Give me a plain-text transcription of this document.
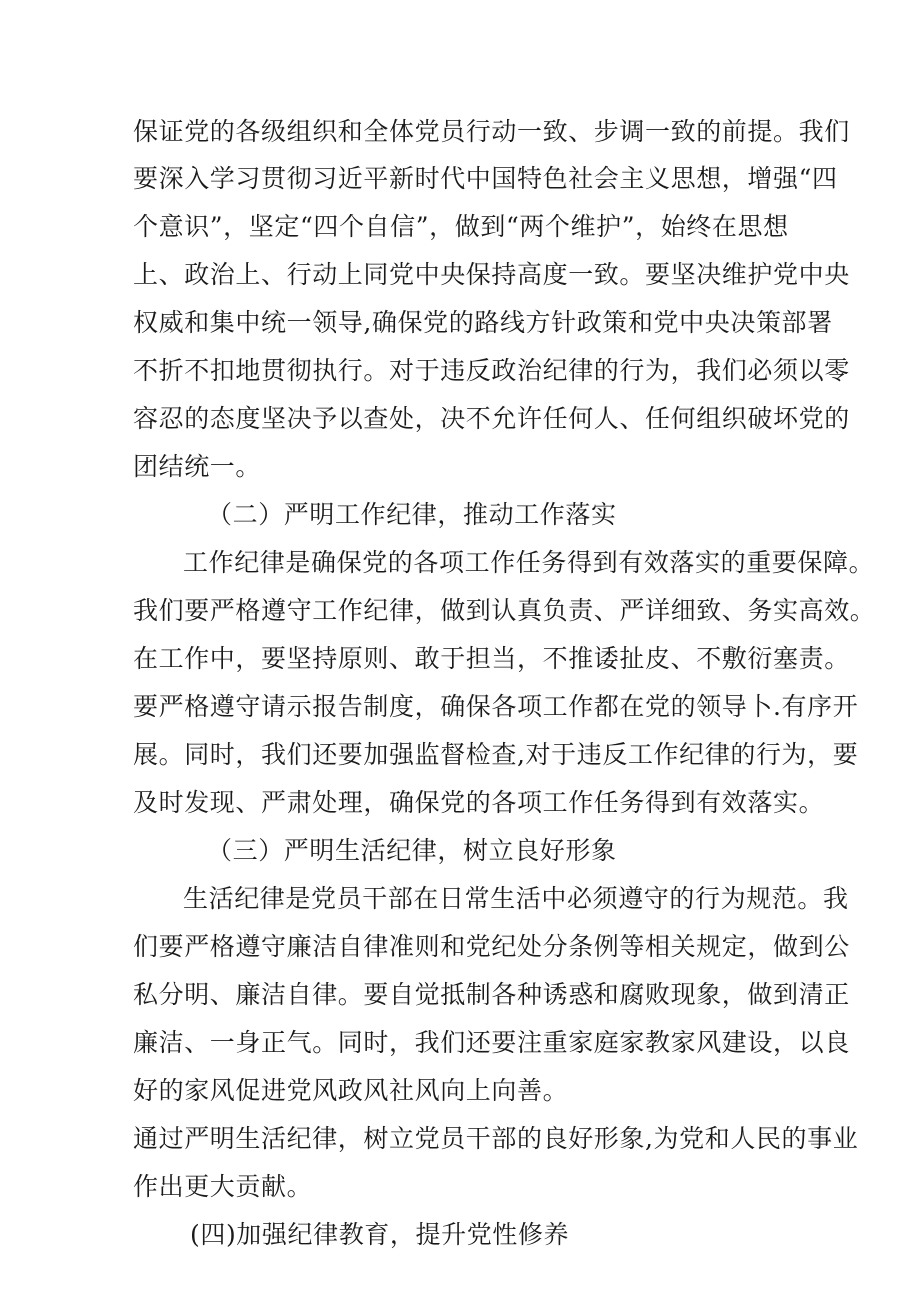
保证党的各级组织和全体党员行动一致、步调一致的前提。我们
要深入学习贯彻习近平新时代中国特色社会主义思想，增强“四
个意识”，坚定“四个自信”，做到“两个维护”，始终在思想
上、政治上、行动上同党中央保持高度一致。要坚决维护党中央
权威和集中统一领导,确保党的路线方针政策和党中央决策部署
不折不扣地贯彻执行。对于违反政治纪律的行为，我们必须以零
容忍的态度坚决予以查处，决不允许任何人、任何组织破坏党的
团结统一。
（二）严明工作纪律，推动工作落实
工作纪律是确保党的各项工作任务得到有效落实的重要保障。
我们要严格遵守工作纪律，做到认真负责、严详细致、务实高效。
在工作中，要坚持原则、敢于担当，不推诿扯皮、不敷衍塞责。
要严格遵守请示报告制度，确保各项工作都在党的领导卜.有序开
展。同时，我们还要加强监督检查,对于违反工作纪律的行为，要
及时发现、严肃处理，确保党的各项工作任务得到有效落实。
（三）严明生活纪律，树立良好形象
生活纪律是党员干部在日常生活中必须遵守的行为规范。我
们要严格遵守廉洁自律准则和党纪处分条例等相关规定，做到公
私分明、廉洁自律。要自觉抵制各种诱惑和腐败现象，做到清正
廉洁、一身正气。同时，我们还要注重家庭家教家风建设，以良
好的家风促进党风政风社风向上向善。
通过严明生活纪律，树立党员干部的良好形象,为党和人民的事业
作出更大贡献。
(四)加强纪律教育，提升党性修养
